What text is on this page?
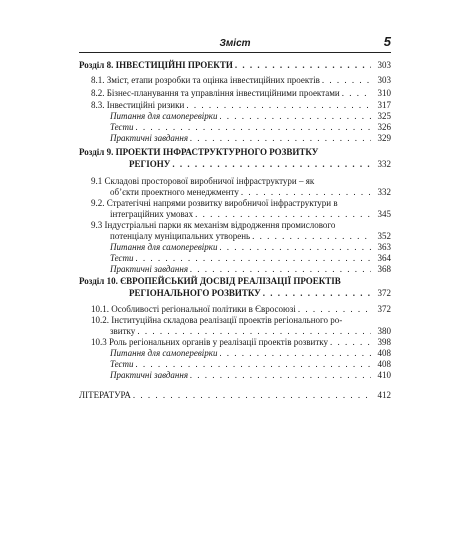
Зміст	5
Розділ 8. ІНВЕСТИЦІЙНІ ПРОЕКТИ . . .	303
8.1. Зміст, етапи розробки та оцінка інвестиційних проектів . . .	303
8.2. Бізнес-планування та управління інвестиційними проектами . . .	310
8.3. Інвестиційні ризики . . .	317
Питання для самоперевірки . . .	325
Тести . . .	326
Практичні завдання . . .	329
Розділ 9. ПРОЕКТИ ІНФРАСТРУКТУРНОГО РОЗВИТКУ
РЕГІОНУ . . .	332
9.1 Складові просторової виробничої інфраструктури – як
об’єкти проектного менеджменту . . .	332
9.2. Стратегічні напрями розвитку виробничої інфраструктури в
інтеграційних умовах . . .	345
9.3 Індустріальні парки як механізм відродження промислового
потенціалу муніципальних утворень . . .	352
Питання для самоперевірки . . .	363
Тести . . .	364
Практичні завдання . . .	368
Розділ 10. ЄВРОПЕЙСЬКИЙ ДОСВІД РЕАЛІЗАЦІЇ ПРОЕКТІВ
РЕГІОНАЛЬНОГО РОЗВИТКУ . . .	372
10.1. Особливості регіональної політики в Євросоюзі . . .	372
10.2. Інституційна складова реалізації проектів регіонального ро-
звитку . . .	380
10.3 Роль регіональних органів у реалізації проектів розвитку . . .	398
Питання для самоперевірки . . .	408
Тести . . .	408
Практичні завдання . . .	410
ЛІТЕРАТУРА . . .	412
